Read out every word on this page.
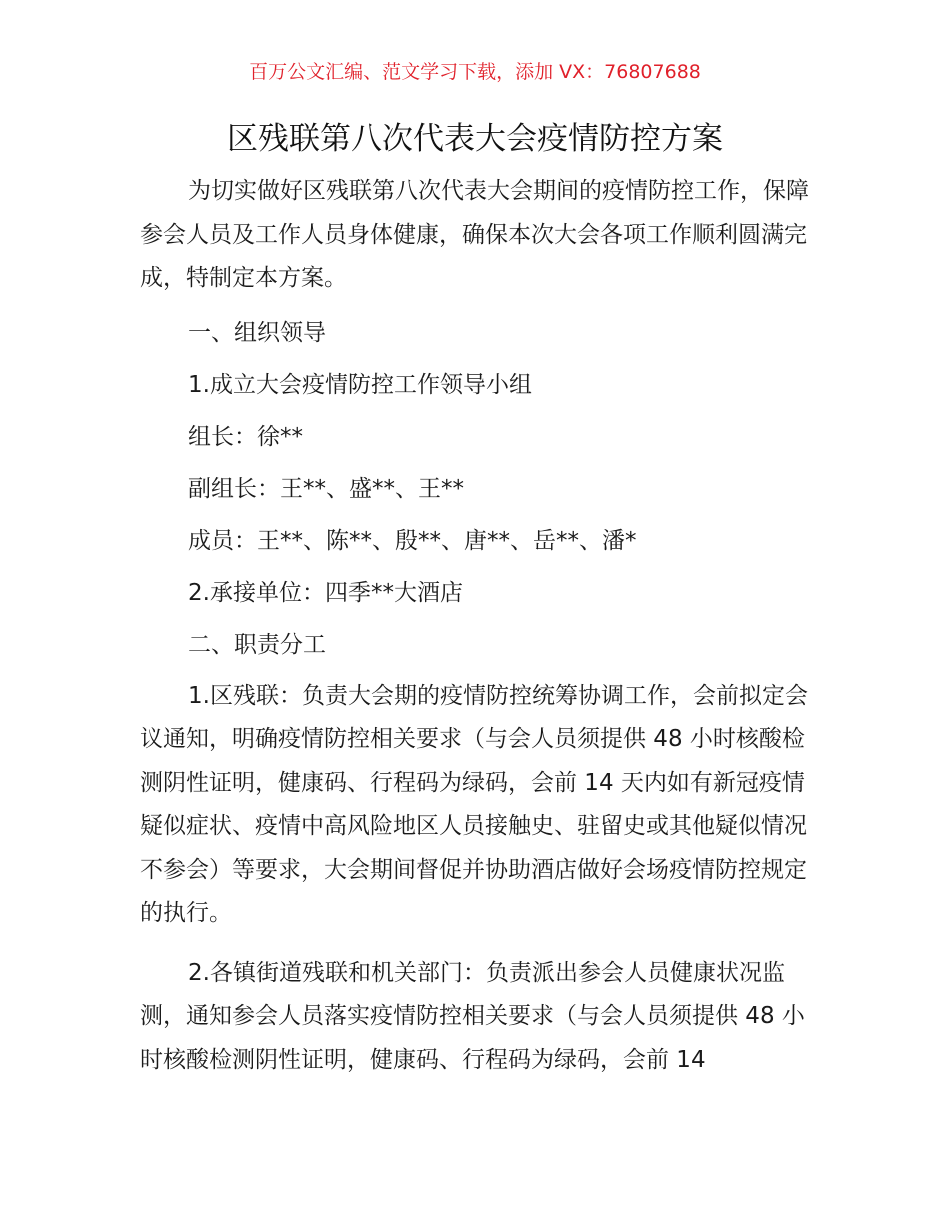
百万公文汇编、范文学习下载，添加 VX：76807688
区残联第八次代表大会疫情防控方案

为切实做好区残联第八次代表大会期间的疫情防控工作，保障参会人员及工作人员身体健康，确保本次大会各项工作顺利圆满完成，特制定本方案。

一、组织领导

1.成立大会疫情防控工作领导小组

组长：徐**

副组长：王**、盛**、王**

成员：王**、陈**、殷**、唐**、岳**、潘*

2.承接单位：四季**大酒店

二、职责分工

1.区残联：负责大会期的疫情防控统筹协调工作，会前拟定会议通知，明确疫情防控相关要求（与会人员须提供 48 小时核酸检测阴性证明，健康码、行程码为绿码，会前 14 天内如有新冠疫情疑似症状、疫情中高风险地区人员接触史、驻留史或其他疑似情况不参会）等要求，大会期间督促并协助酒店做好会场疫情防控规定的执行。

2.各镇街道残联和机关部门：负责派出参会人员健康状况监测，通知参会人员落实疫情防控相关要求（与会人员须提供 48 小时核酸检测阴性证明，健康码、行程码为绿码，会前 14
